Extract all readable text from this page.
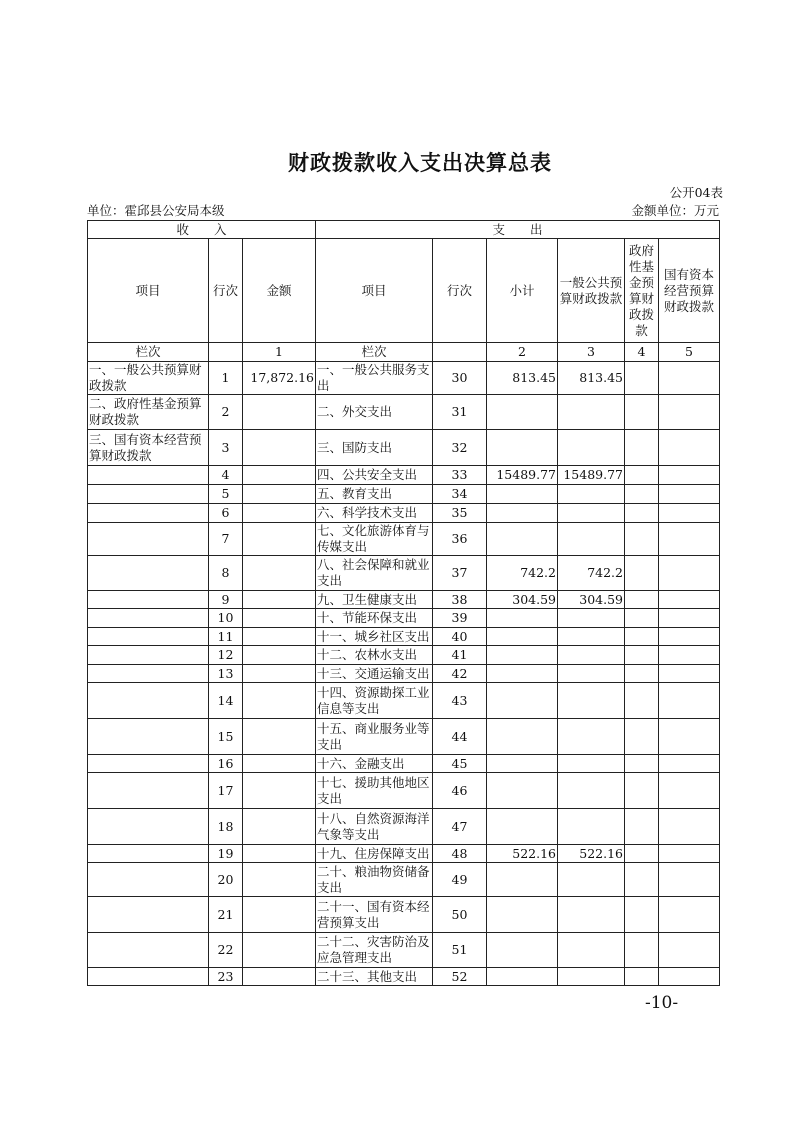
财政拨款收入支出决算总表
公开04表
单位：霍邱县公安局本级	金额单位：万元
收　　入			支　　出					
项目	行次	金额	项目	行次	小计	一般公共预算财政拨款	政府性基金预算财政拨款	国有资本经营预算财政拨款
栏次		1	栏次		2	3	4	5
一、一般公共预算财政拨款	1	17,872.16	一、一般公共服务支出	30	813.45	813.45		
二、政府性基金预算财政拨款	2		二、外交支出	31				
三、国有资本经营预算财政拨款	3		三、国防支出	32				
	4		四、公共安全支出	33	15489.77	15489.77		
	5		五、教育支出	34				
	6		六、科学技术支出	35				
	7		七、文化旅游体育与传媒支出	36				
	8		八、社会保障和就业支出	37	742.2	742.2		
	9		九、卫生健康支出	38	304.59	304.59		
	10		十、节能环保支出	39				
	11		十一、城乡社区支出	40				
	12		十二、农林水支出	41				
	13		十三、交通运输支出	42				
	14		十四、资源勘探工业信息等支出	43				
	15		十五、商业服务业等支出	44				
	16		十六、金融支出	45				
	17		十七、援助其他地区支出	46				
	18		十八、自然资源海洋气象等支出	47				
	19		十九、住房保障支出	48	522.16	522.16		
	20		二十、粮油物资储备支出	49				
	21		二十一、国有资本经营预算支出	50				
	22		二十二、灾害防治及应急管理支出	51				
	23		二十三、其他支出	52				
-10-
